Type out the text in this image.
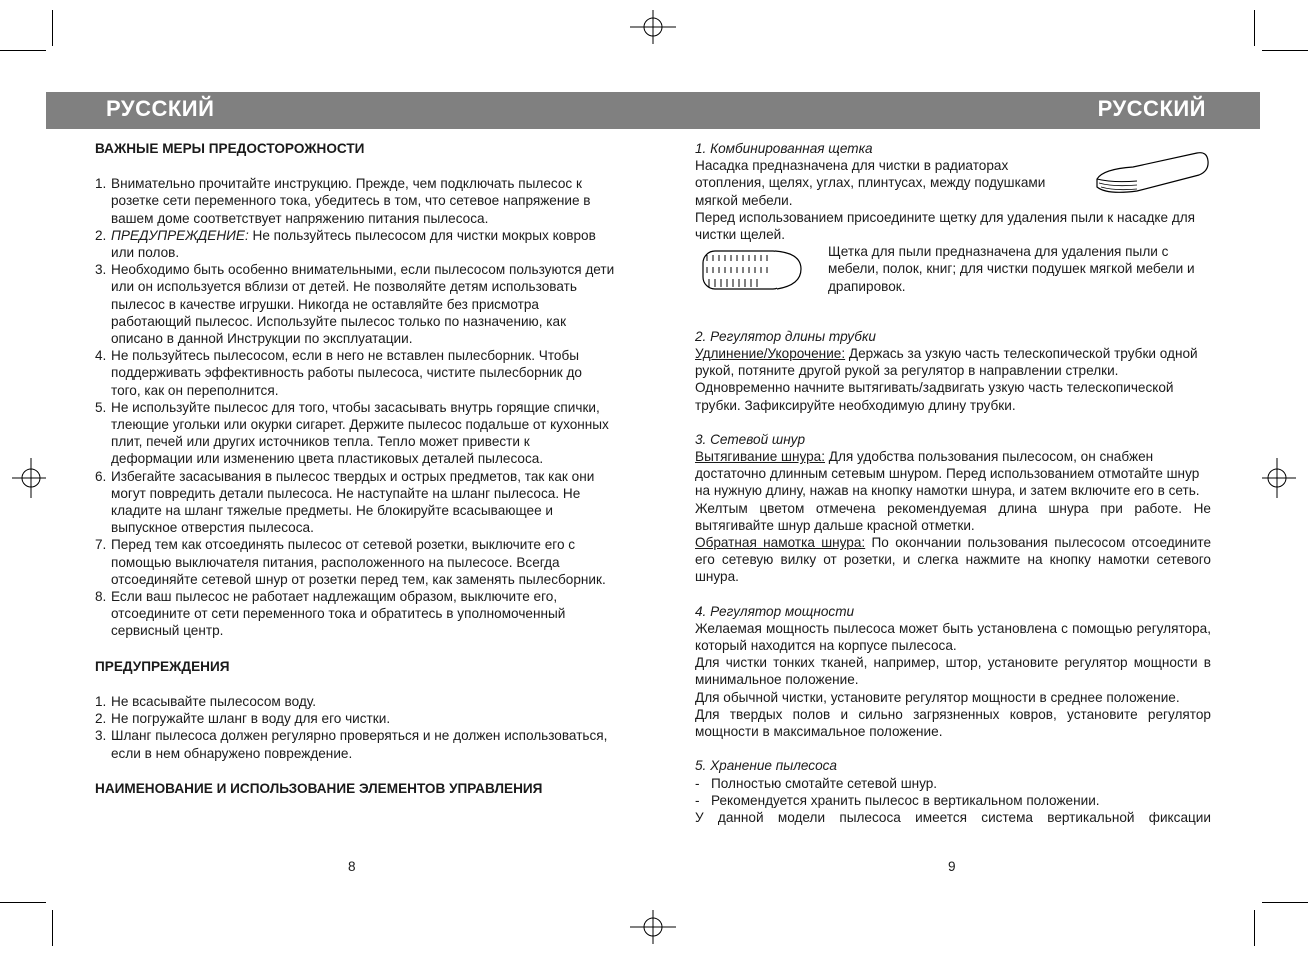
РУССКИЙ	РУССКИЙ

ВАЖНЫЕ МЕРЫ ПРЕДОСТОРОЖНОСТИ

1. Внимательно прочитайте инструкцию. Прежде, чем подключать пылесос к розетке сети переменного тока, убедитесь в том, что сетевое напряжение в вашем доме соответствует напряжению питания пылесоса.
2. ПРЕДУПРЕЖДЕНИЕ: Не пользуйтесь пылесосом для чистки мокрых ковров или полов.
3. Необходимо быть особенно внимательными, если пылесосом пользуются дети или он используется вблизи от детей. Не позволяйте детям использовать пылесос в качестве игрушки. Никогда не оставляйте без присмотра работающий пылесос. Используйте пылесос только по назначению, как описано в данной Инструкции по эксплуатации.
4. Не пользуйтесь пылесосом, если в него не вставлен пылесборник. Чтобы поддерживать эффективность работы пылесоса, чистите пылесборник до того, как он переполнится.
5. Не используйте пылесос для того, чтобы засасывать внутрь горящие спички, тлеющие угольки или окурки сигарет. Держите пылесос подальше от кухонных плит, печей или других источников тепла. Тепло может привести к деформации или изменению цвета пластиковых деталей пылесоса.
6. Избегайте засасывания в пылесос твердых и острых предметов, так как они могут повредить детали пылесоса. Не наступайте на шланг пылесоса. Не кладите на шланг тяжелые предметы. Не блокируйте всасывающее и выпускное отверстия пылесоса.
7. Перед тем как отсоединять пылесос от сетевой розетки, выключите его с помощью выключателя питания, расположенного на пылесосе. Всегда отсоединяйте сетевой шнур от розетки перед тем, как заменять пылесборник.
8. Если ваш пылесос не работает надлежащим образом, выключите его, отсоедините от сети переменного тока и обратитесь в уполномоченный сервисный центр.

ПРЕДУПРЕЖДЕНИЯ

1. Не всасывайте пылесосом воду.
2. Не погружайте шланг в воду для его чистки.
3. Шланг пылесоса должен регулярно проверяться и не должен использоваться, если в нем обнаружено повреждение.

НАИМЕНОВАНИЕ И ИСПОЛЬЗОВАНИЕ ЭЛЕМЕНТОВ УПРАВЛЕНИЯ

8

1. Комбинированная щетка

Насадка предназначена для чистки в радиаторах отопления, щелях, углах, плинтусах, между подушками мягкой мебели.

Перед использованием присоедините щетку для удаления пыли к насадке для чистки щелей.

Щетка для пыли предназначена для удаления пыли с мебели, полок, книг; для чистки подушек мягкой мебели и драпировок.

2. Регулятор длины трубки

Удлинение/Укорочение: Держась за узкую часть телескопической трубки одной рукой, потяните другой рукой за регулятор в направлении стрелки. Одновременно начните вытягивать/задвигать узкую часть телескопической трубки. Зафиксируйте необходимую длину трубки.

3. Сетевой шнур

Вытягивание шнура: Для удобства пользования пылесосом, он снабжен достаточно длинным сетевым шнуром. Перед использованием отмотайте шнур на нужную длину, нажав на кнопку намотки шнура, и затем включите его в сеть.

Желтым цветом отмечена рекомендуемая длина шнура при работе. Не вытягивайте шнур дальше красной отметки.

Обратная намотка шнура: По окончании пользования пылесосом отсоедините его сетевую вилку от розетки, и слегка нажмите на кнопку намотки сетевого шнура.

4. Регулятор мощности

Желаемая мощность пылесоса может быть установлена с помощью регулятора, который находится на корпусе пылесоса.

Для чистки тонких тканей, например, штор, установите регулятор мощности в минимальное положение.

Для обычной чистки, установите регулятор мощности в среднее положение.

Для твердых полов и сильно загрязненных ковров, установите регулятор мощности в максимальное положение.

5. Хранение пылесоса

- Полностью смотайте сетевой шнур.
- Рекомендуется хранить пылесос в вертикальном положении.

У данной модели пылесоса имеется система вертикальной фиксации

9
